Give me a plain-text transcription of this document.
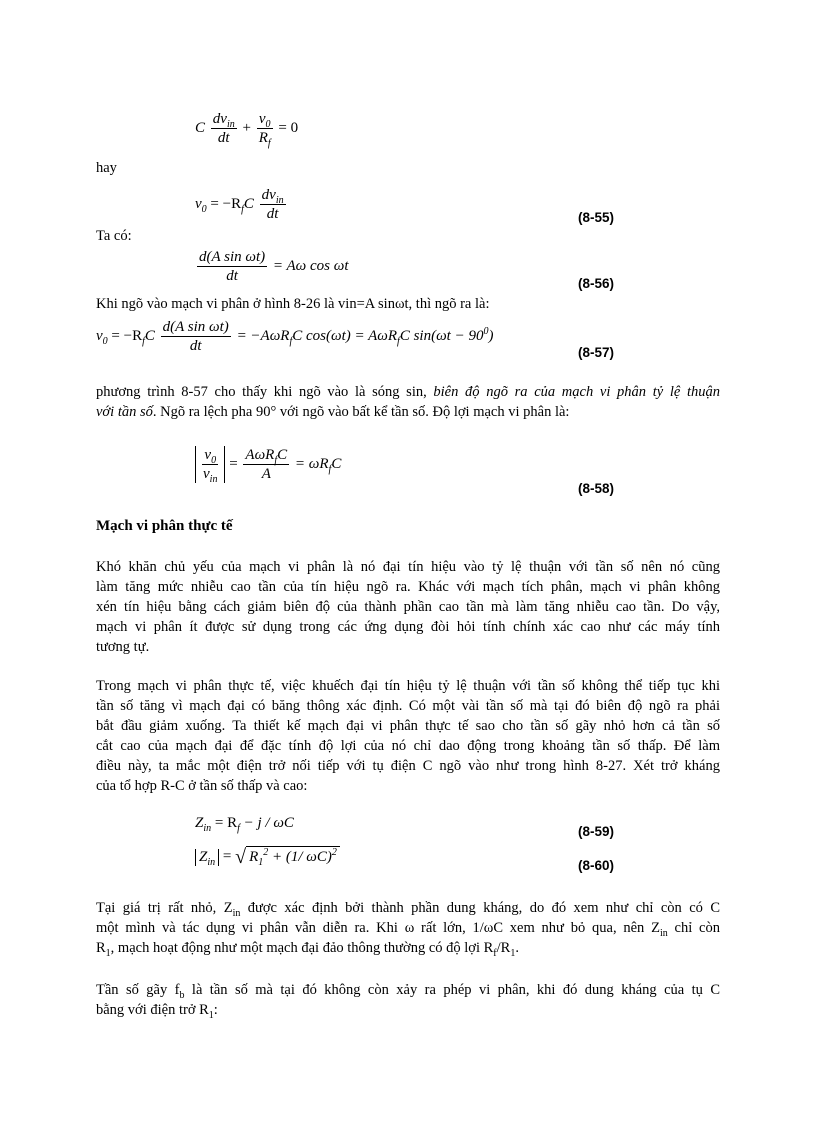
C $\frac{dv_{in}}{dt} + \frac{v_0}{R_f} = 0$
hay
$v_0 = -R_fC \frac{dv_{in}}{dt}$	(8-55)
Ta có:
$\frac{\text{d(A sin ωt)}}{dt} = A\omega$ cos ωt
(8-56)
Khi ngõ vào mạch vi phân ở hình 8-26 là vin=A sinωt, thì ngõ ra là:
$v_0 = -R_fC \frac{\text{d(A sin ωt)}}{dt} = -A\omega R_fC$ cos(ωt) = AωR$_f$C $\sin(\omega t - 90^0)$
(8-57)
phương trình 8-57 cho thấy khi ngõ vào là sóng sin, biên độ ngõ ra của mạch vi phân tỷ lệ thuận
với tần số. Ngõ ra lệch pha 90° với ngõ vào bất kể tần số. Độ lợi mạch vi phân là:
$\frac{v_0}{v_{in}} = \frac{A\omega R_fC}{A} = \omega R_fC$
(8-58)
Mạch vi phân thực tế
Khó khăn chủ yếu của mạch vi phân là nó đại tín hiệu vào tỷ lệ thuận với tần số nên nó cũng
làm tăng mức nhiễu cao tần của tín hiệu ngõ ra. Khác với mạch tích phân, mạch vi phân không
xén tín hiệu bằng cách giảm biên độ của thành phần cao tần mà làm tăng nhiễu cao tần. Do vậy,
mạch vi phân ít được sử dụng trong các ứng dụng đòi hỏi tính chính xác cao như các máy tính
tương tự.
Trong mạch vi phân thực tế, việc khuếch đại tín hiệu tỷ lệ thuận với tần số không thể tiếp tục khi
tần số tăng vì mạch đại có băng thông xác định. Có một vài tần số mà tại đó biên độ ngõ ra phải
bắt đầu giảm xuống. Ta thiết kế mạch đại vi phân thực tế sao cho tần số gãy nhỏ hơn cả tần số
cắt cao của mạch đại để đặc tính độ lợi của nó chỉ dao động trong khoảng tần số thấp. Để làm
điều này, ta mắc một điện trở nối tiếp với tụ điện C ngõ vào như trong hình 8-27. Xét trở kháng
của tổ hợp R-C ở tần số thấp và cao:
$Z_{in} = R_f - j / \omega C$
(8-59)
$Z_{in}$ = √ $R_1^2 + (1/$ ωC)$^2$
(8-60)
Tại giá trị rất nhỏ, $Z_{in}$ được xác định bởi thành phần dung kháng, do đó xem như chỉ còn có C
một mình và tác dụng vi phân vẫn diễn ra. Khi ω rất lớn, 1/ωC xem như bỏ qua, nên $Z_{in}$ chỉ còn
$R_1$, mạch hoạt động như một mạch đại đảo thông thường có độ lợi $R_f/R_1$.
Tần số gãy $f_b$ là tần số mà tại đó không còn xảy ra phép vi phân, khi đó dung kháng của tụ C
bằng với điện trở $R_1$:
